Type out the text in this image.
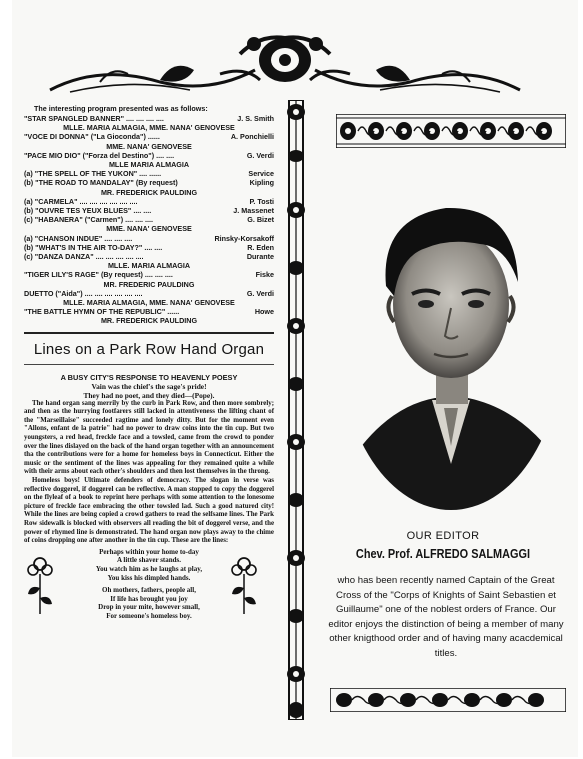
The interesting program presented was as follows:

"STAR SPANGLED BANNER" .... .... .... ....	J. S. Smith
MLLE. MARIA ALMAGIA, MME. NANA' GENOVESE
"VOCE DI DONNA" ("La Gioconda") ......	A. Ponchielli
MME. NANA' GENOVESE
"PACE MIO DIO" ("Forza del Destino") .... ....	G. Verdi
MLLE MARIA ALMAGIA
(a) "THE SPELL OF THE YUKON" .... ......	Service
(b) "THE ROAD TO MANDALAY" (By request)	Kipling
MR. FREDERICK PAULDING
(a) "CARMELA" .... .... .... .... .... ....	P. Tosti
(b) "OUVRE TES YEUX BLUES" .... ....	J. Massenet
(c) "HABANERA" ("Carmen") .... .... ....	G. Bizet
MME. NANA' GENOVESE
(a) "CHANSON INDUE" .... .... ....	Rinsky-Korsakoff
(b) "WHAT'S IN THE AIR TO-DAY?" .... ....	R. Eden
(c) "DANZA DANZA" .... .... .... .... ....	Durante
MLLE. MARIA ALMAGIA
"TIGER LILY'S RAGE" (By request) .... .... ....	Fiske
MR. FREDERIC PAULDING
DUETTO ("Aida") .... .... .... .... .... ....	G. Verdi
MLLE. MARIA ALMAGIA, MME. NANA' GENOVESE
"THE BATTLE HYMN OF THE REPUBLIC" ......	Howe
MR. FREDERICK PAULDING
Lines on a Park Row Hand Organ

A BUSY CITY'S RESPONSE TO HEAVENLY POESY

Vain was the chief's the sage's pride!

They had no poet, and they died—(Pope).

The hand organ sang merrily by the curb in Park Row, and then more sombrely; and then as the hurrying footfarers still lacked in attentiveness the lifting chant of the "Marseillaise" succeeded ragtime and lonely ditty. But for the moment even "Allons, enfant de la patrie" had no power to draw coins into the tin cup. But two youngsters, a red head, freckle face and a towsled, came from the crowd to ponder over the lines dislayed on the back of the hand organ together with an announcement tha the contributions were for a home for homeless boys in Connecticut. Either the music or the sentiment of the lines was appealing for they remained quite a while with their arms about each other's shoulders and then lost themselves in the throng.

Homeless boys! Ultimate defenders of democracy. The slogan in verse was reflective doggerel, if doggerel can be reflective. A man stopped to copy the doggerel on the flyleaf of a book to reprint here perhaps with some attention to the lonesome picture of freckle face embracing the other towsled lad. Such a good natured city! While the lines are being copied a crowd gathers to read the selfsame lines. The Park Row sidewalk is blocked with observers all reading the bit of doggerel verse, and the power of rhymed line is demonstrated. The hand organ now plays away to the chime of coins dropping one after another in the tin cup. These are the lines:

Perhaps within your home to-day
A little shaver stands.
You watch him as he laughs at play,
You kiss his dimpled hands.
Oh mothers, fathers, people all,
If life has brought you joy
Drop in your mite, however small,
For someone's homeless boy.

OUR EDITOR

Chev. Prof. ALFREDO SALMAGGI

who has been recently named Captain of the Great Cross of the "Corps of Knights of Saint Sebastien et Guillaume" one of the noblest orders of France. Our editor enjoys the distinction of being a member of many other knigthood order and of having many acacdemical titles.
